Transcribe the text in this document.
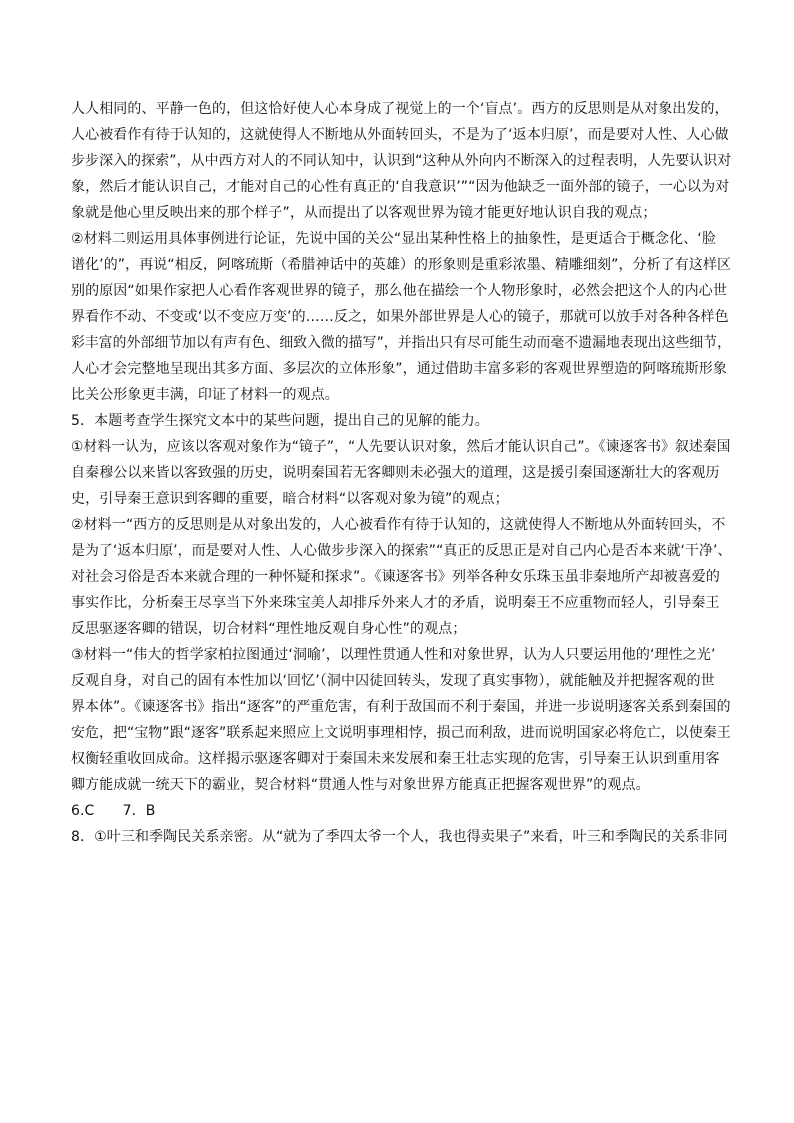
人人相同的、平静一色的，但这恰好使人心本身成了视觉上的一个‘盲点’。西方的反思则是从对象出发的，
人心被看作有待于认知的，这就使得人不断地从外面转回头，不是为了‘返本归原’，而是要对人性、人心做
步步深入的探索”，从中西方对人的不同认知中，认识到“这种从外向内不断深入的过程表明，人先要认识对
象，然后才能认识自己，才能对自己的心性有真正的‘自我意识’”“因为他缺乏一面外部的镜子，一心以为对
象就是他心里反映出来的那个样子”，从而提出了以客观世界为镜才能更好地认识自我的观点；
②材料二则运用具体事例进行论证，先说中国的关公“显出某种性格上的抽象性，是更适合于概念化、‘脸
谱化’的”，再说“相反，阿喀琉斯（希腊神话中的英雄）的形象则是重彩浓墨、精雕细刻”，分析了有这样区
别的原因“如果作家把人心看作客观世界的镜子，那么他在描绘一个人物形象时，必然会把这个人的内心世
界看作不动、不变或‘以不变应万变’的……反之，如果外部世界是人心的镜子，那就可以放手对各种各样色
彩丰富的外部细节加以有声有色、细致入微的描写”，并指出只有尽可能生动而毫不遗漏地表现出这些细节，
人心才会完整地呈现出其多方面、多层次的立体形象”，通过借助丰富多彩的客观世界塑造的阿喀琉斯形象
比关公形象更丰满，印证了材料一的观点。
5．本题考查学生探究文本中的某些问题，提出自己的见解的能力。
①材料一认为，应该以客观对象作为“镜子”，“人先要认识对象，然后才能认识自己”。《谏逐客书》叙述秦国
自秦穆公以来皆以客致强的历史，说明秦国若无客卿则未必强大的道理，这是援引秦国逐渐壮大的客观历
史，引导秦王意识到客卿的重要，暗合材料“以客观对象为镜”的观点；
②材料一“西方的反思则是从对象出发的，人心被看作有待于认知的，这就使得人不断地从外面转回头，不
是为了‘返本归原’，而是要对人性、人心做步步深入的探索”“真正的反思正是对自己内心是否本来就‘干净’、
对社会习俗是否本来就合理的一种怀疑和探求”。《谏逐客书》列举各种女乐珠玉虽非秦地所产却被喜爱的
事实作比，分析秦王尽享当下外来珠宝美人却排斥外来人才的矛盾，说明秦王不应重物而轻人，引导秦王
反思驱逐客卿的错误，切合材料“理性地反观自身心性”的观点；
③材料一“伟大的哲学家柏拉图通过‘洞喻’，以理性贯通人性和对象世界，认为人只要运用他的‘理性之光’
反观自身，对自己的固有本性加以‘回忆’（洞中囚徒回转头，发现了真实事物），就能触及并把握客观的世
界本体”。《谏逐客书》指出“逐客”的严重危害，有利于敌国而不利于秦国，并进一步说明逐客关系到秦国的
安危，把“宝物”跟“逐客”联系起来照应上文说明事理相悖，损己而利敌，进而说明国家必将危亡，以使秦王
权衡轻重收回成命。这样揭示驱逐客卿对于秦国未来发展和秦王壮志实现的危害，引导秦王认识到重用客
卿方能成就一统天下的霸业，契合材料“贯通人性与对象世界方能真正把握客观世界”的观点。
6.C　　7．B
8．①叶三和季陶民关系亲密。从“就为了季四太爷一个人，我也得卖果子”来看，叶三和季陶民的关系非同
